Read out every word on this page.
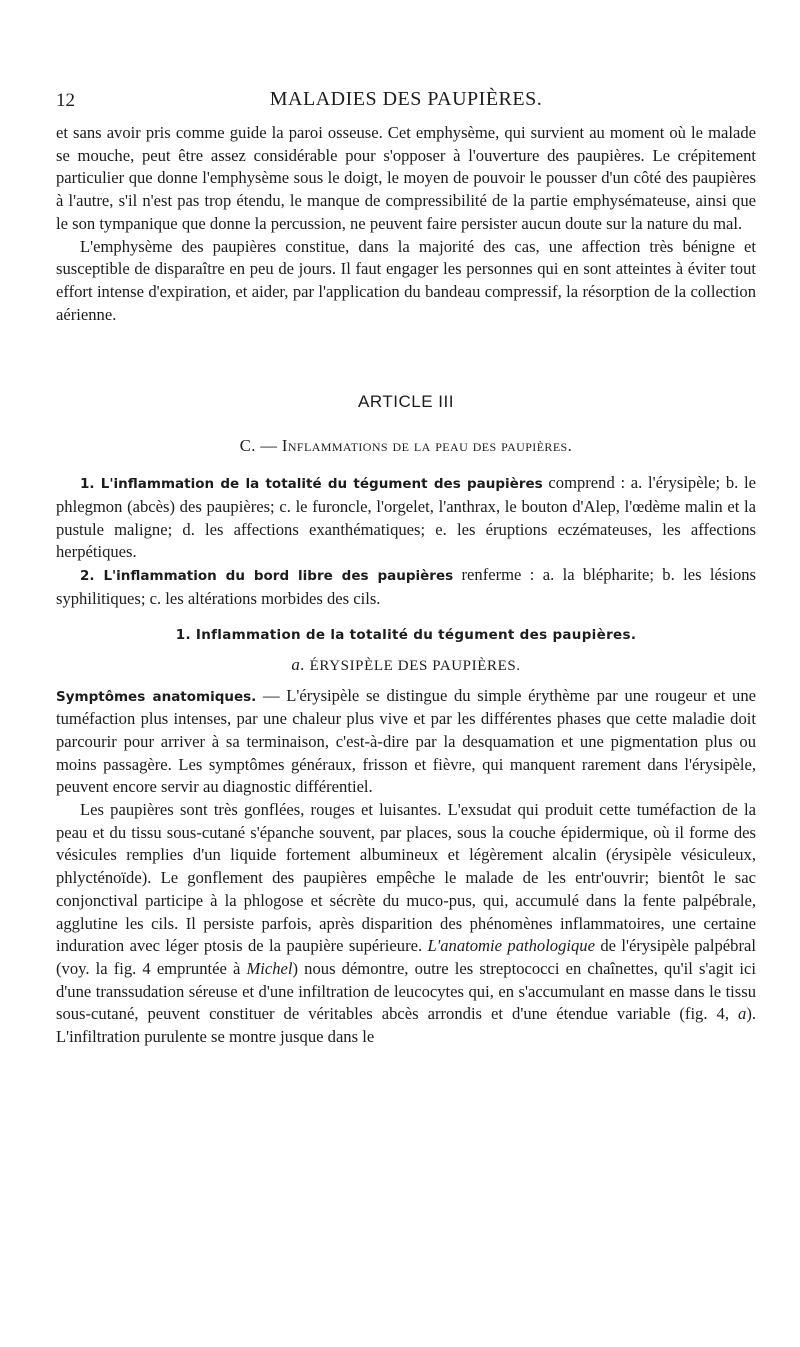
12	MALADIES DES PAUPIÈRES.

et sans avoir pris comme guide la paroi osseuse. Cet emphysème, qui survient au moment où le malade se mouche, peut être assez considérable pour s'opposer à l'ouverture des paupières. Le crépitement particulier que donne l'emphysème sous le doigt, le moyen de pouvoir le pousser d'un côté des paupières à l'autre, s'il n'est pas trop étendu, le manque de compressibilité de la partie emphysémateuse, ainsi que le son tympanique que donne la percussion, ne peuvent faire persister aucun doute sur la nature du mal.

L'emphysème des paupières constitue, dans la majorité des cas, une affection très bénigne et susceptible de disparaître en peu de jours. Il faut engager les personnes qui en sont atteintes à éviter tout effort intense d'expiration, et aider, par l'application du bandeau compressif, la résorption de la collection aérienne.

ARTICLE III
C. — Inflammations de la peau des paupières.

1. L'inflammation de la totalité du tégument des paupières comprend : a. l'érysipèle; b. le phlegmon (abcès) des paupières; c. le furoncle, l'orgelet, l'anthrax, le bouton d'Alep, l'œdème malin et la pustule maligne; d. les affections exanthématiques; e. les éruptions eczémateuses, les affections herpétiques.

2. L'inflammation du bord libre des paupières renferme : a. la blépharite; b. les lésions syphilitiques; c. les altérations morbides des cils.

1. Inflammation de la totalité du tégument des paupières.
a. ÉRYSIPÈLE DES PAUPIÈRES.

Symptômes anatomiques. — L'érysipèle se distingue du simple érythème par une rougeur et une tuméfaction plus intenses, par une chaleur plus vive et par les différentes phases que cette maladie doit parcourir pour arriver à sa terminaison, c'est-à-dire par la desquamation et une pigmentation plus ou moins passagère. Les symptômes généraux, frisson et fièvre, qui manquent rarement dans l'érysipèle, peuvent encore servir au diagnostic différentiel.

Les paupières sont très gonflées, rouges et luisantes. L'exsudat qui produit cette tuméfaction de la peau et du tissu sous-cutané s'épanche souvent, par places, sous la couche épidermique, où il forme des vésicules remplies d'un liquide fortement albumineux et légèrement alcalin (érysipèle vésiculeux, phlycténoïde). Le gonflement des paupières empêche le malade de les entr'ouvrir; bientôt le sac conjonctival participe à la phlogose et sécrète du muco-pus, qui, accumulé dans la fente palpébrale, agglutine les cils. Il persiste parfois, après disparition des phénomènes inflammatoires, une certaine induration avec léger ptosis de la paupière supérieure. L'anatomie pathologique de l'érysipèle palpébral (voy. la fig. 4 empruntée à Michel) nous démontre, outre les streptococci en chaînettes, qu'il s'agit ici d'une transsudation séreuse et d'une infiltration de leucocytes qui, en s'accumulant en masse dans le tissu sous-cutané, peuvent constituer de véritables abcès arrondis et d'une étendue variable (fig. 4, a). L'infiltration purulente se montre jusque dans le
